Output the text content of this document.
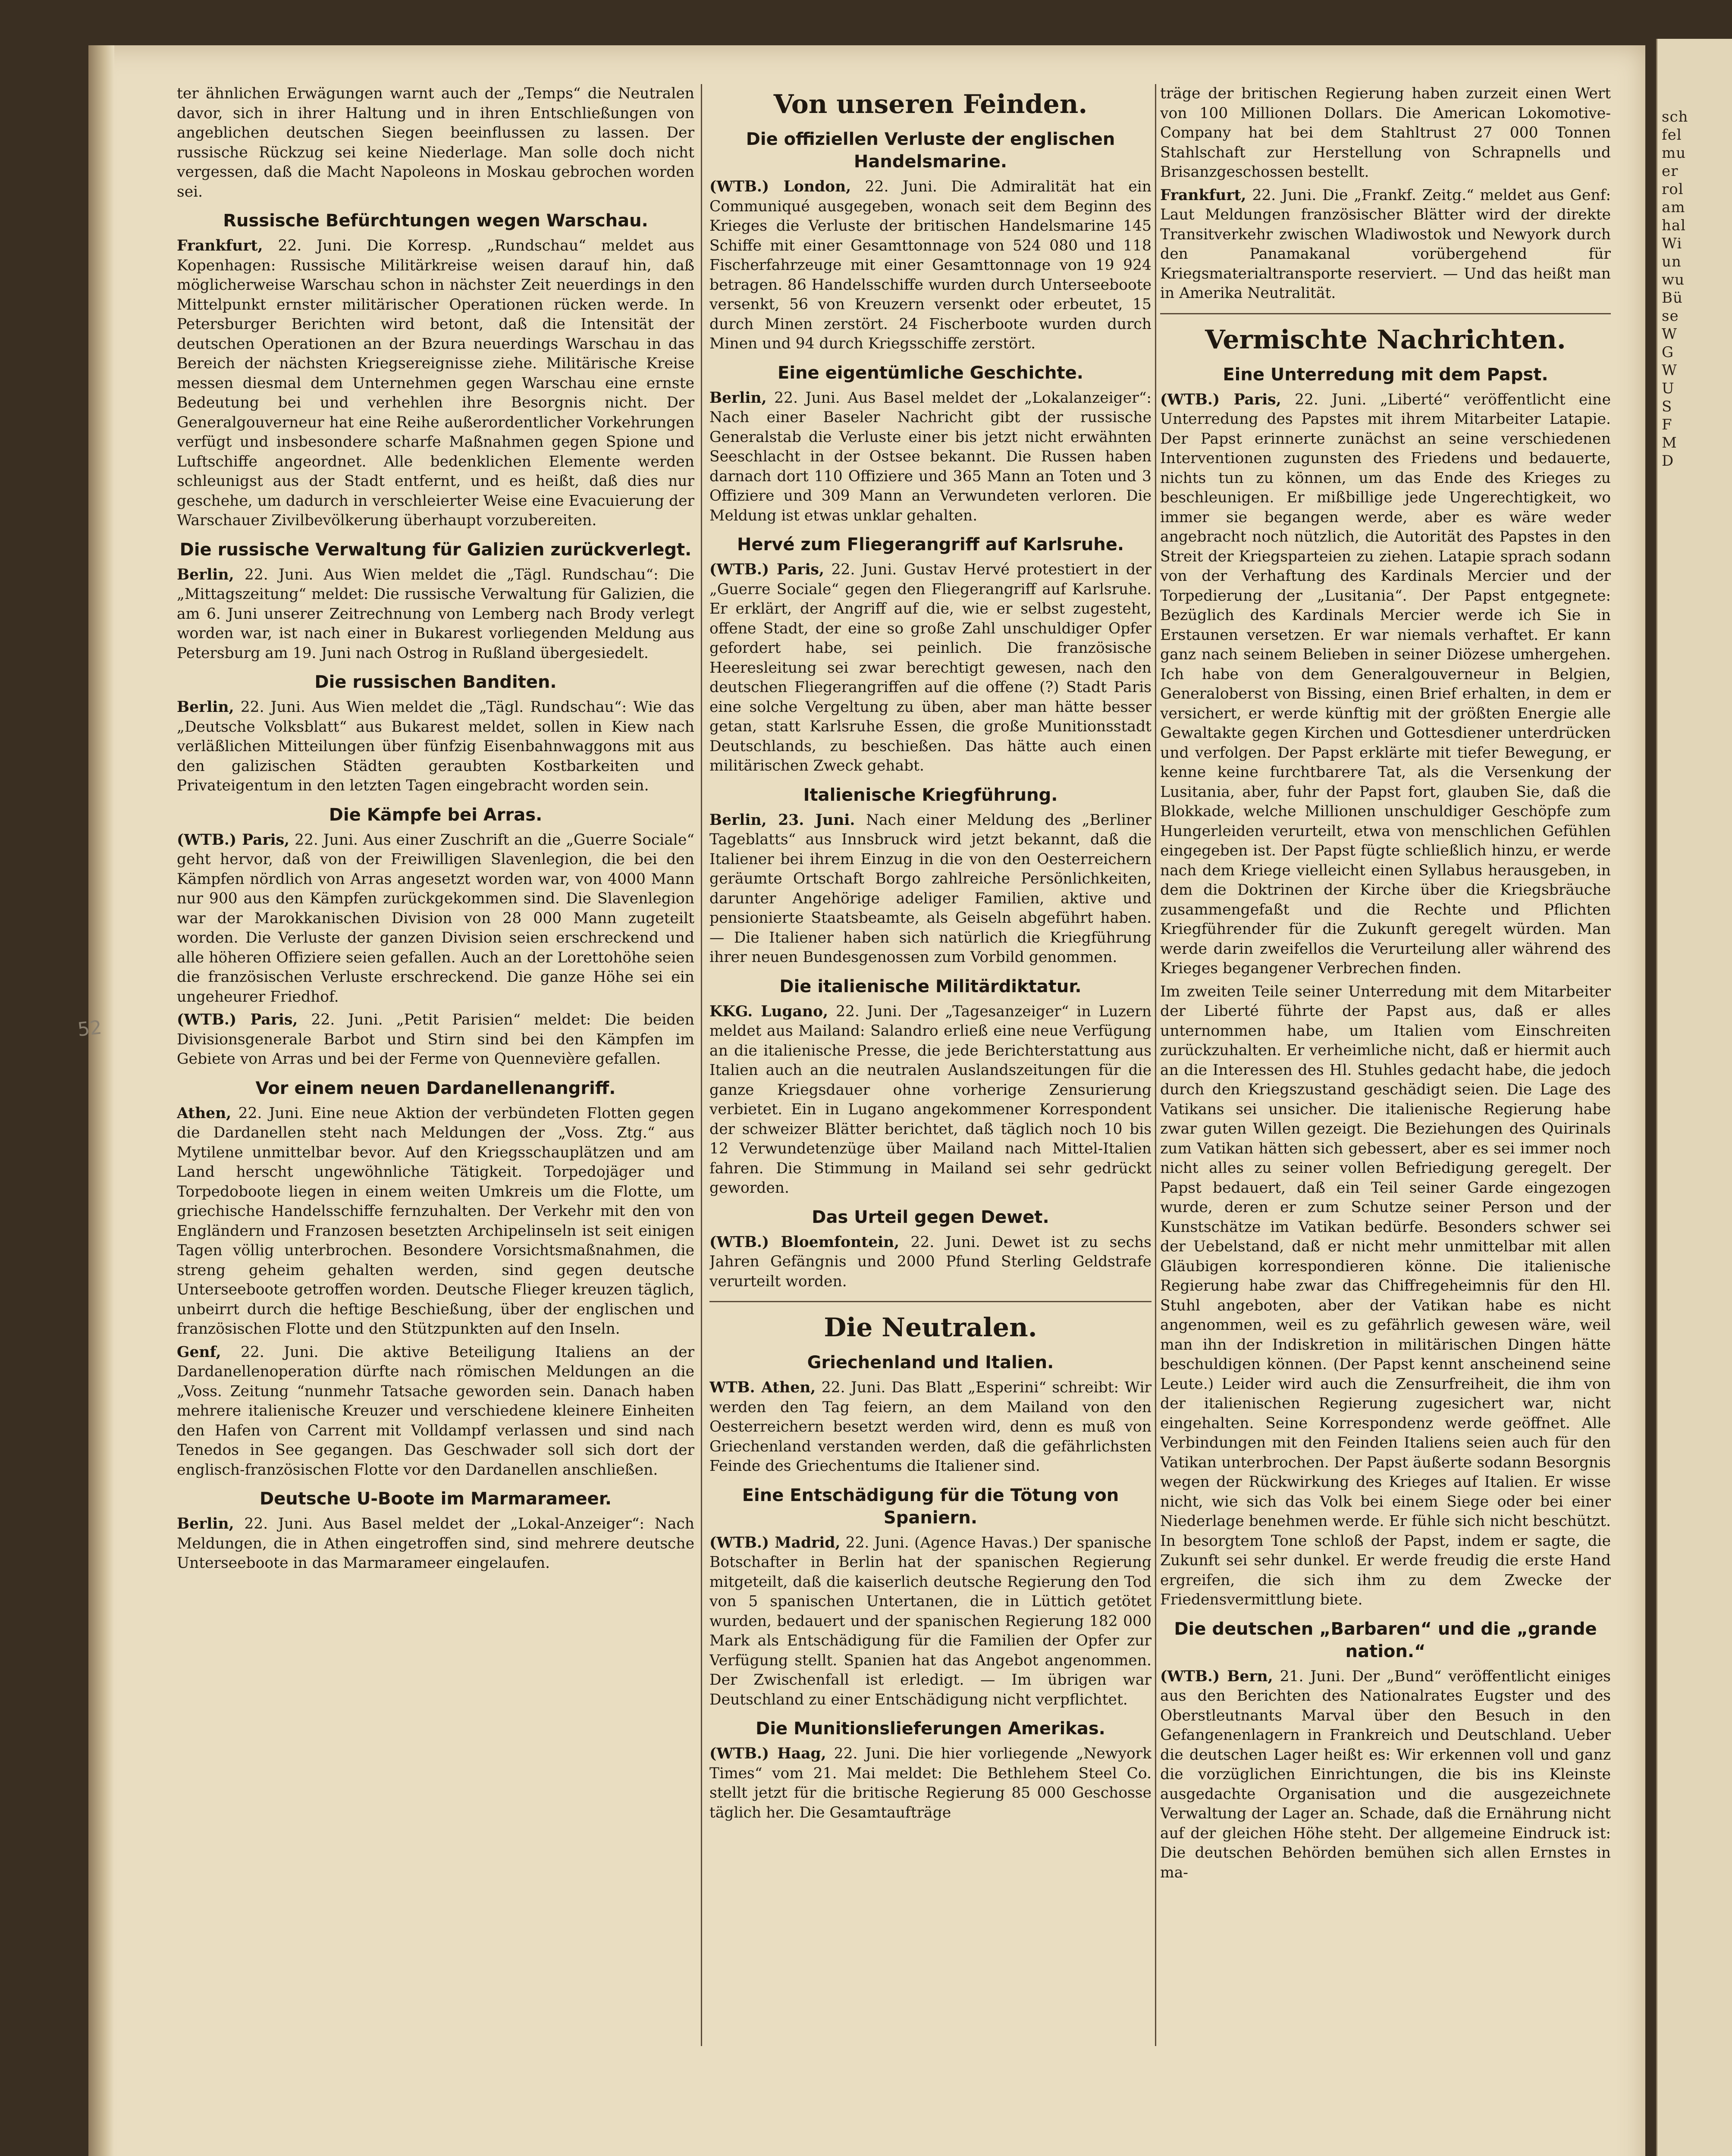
sch
fel
mu
er
rol
am
hal
Wi
un
wu
Bü
se
W
G
W
U
S
F
M
D
52

ter ähnlichen Erwägungen warnt auch der „Temps“ die Neutralen davor, sich in ihrer Haltung und in ihren Entschließungen von angeblichen deutschen Siegen beeinflussen zu lassen. Der russische Rückzug sei keine Niederlage. Man solle doch nicht vergessen, daß die Macht Napoleons in Moskau gebrochen worden sei.

Russische Befürchtungen wegen Warschau.

Frankfurt, 22. Juni. Die Korresp. „Rundschau“ meldet aus Kopenhagen: Russische Militärkreise weisen darauf hin, daß möglicherweise Warschau schon in nächster Zeit neuerdings in den Mittelpunkt ernster militärischer Operationen rücken werde. In Petersburger Berichten wird betont, daß die Intensität der deutschen Operationen an der Bzura neuerdings Warschau in das Bereich der nächsten Kriegsereignisse ziehe. Militärische Kreise messen diesmal dem Unternehmen gegen Warschau eine ernste Bedeutung bei und verhehlen ihre Besorgnis nicht. Der Generalgouverneur hat eine Reihe außerordentlicher Vorkehrungen verfügt und insbesondere scharfe Maßnahmen gegen Spione und Luftschiffe angeordnet. Alle bedenklichen Elemente werden schleunigst aus der Stadt entfernt, und es heißt, daß dies nur geschehe, um dadurch in verschleierter Weise eine Evacuierung der Warschauer Zivilbevölkerung überhaupt vorzubereiten.

Die russische Verwaltung für Galizien zurückverlegt.

Berlin, 22. Juni. Aus Wien meldet die „Tägl. Rundschau“: Die „Mittagszeitung“ meldet: Die russische Verwaltung für Galizien, die am 6. Juni unserer Zeitrechnung von Lemberg nach Brody verlegt worden war, ist nach einer in Bukarest vorliegenden Meldung aus Petersburg am 19. Juni nach Ostrog in Rußland übergesiedelt.

Die russischen Banditen.

Berlin, 22. Juni. Aus Wien meldet die „Tägl. Rundschau“: Wie das „Deutsche Volksblatt“ aus Bukarest meldet, sollen in Kiew nach verläßlichen Mitteilungen über fünfzig Eisenbahnwaggons mit aus den galizischen Städten geraubten Kostbarkeiten und Privateigentum in den letzten Tagen eingebracht worden sein.

Die Kämpfe bei Arras.

(WTB.) Paris, 22. Juni. Aus einer Zuschrift an die „Guerre Sociale“ geht hervor, daß von der Freiwilligen Slavenlegion, die bei den Kämpfen nördlich von Arras angesetzt worden war, von 4000 Mann nur 900 aus den Kämpfen zurückgekommen sind. Die Slavenlegion war der Marokkanischen Division von 28 000 Mann zugeteilt worden. Die Verluste der ganzen Division seien erschreckend und alle höheren Offiziere seien gefallen. Auch an der Lorettohöhe seien die französischen Verluste erschreckend. Die ganze Höhe sei ein ungeheurer Friedhof.

(WTB.) Paris, 22. Juni. „Petit Parisien“ meldet: Die beiden Divisionsgenerale Barbot und Stirn sind bei den Kämpfen im Gebiete von Arras und bei der Ferme von Quennevière gefallen.

Vor einem neuen Dardanellenangriff.

Athen, 22. Juni. Eine neue Aktion der verbündeten Flotten gegen die Dardanellen steht nach Meldungen der „Voss. Ztg.“ aus Mytilene unmittelbar bevor. Auf den Kriegsschauplätzen und am Land herscht ungewöhnliche Tätigkeit. Torpedojäger und Torpedoboote liegen in einem weiten Umkreis um die Flotte, um griechische Handelsschiffe fernzuhalten. Der Verkehr mit den von Engländern und Franzosen besetzten Archipelinseln ist seit einigen Tagen völlig unterbrochen. Besondere Vorsichtsmaßnahmen, die streng geheim gehalten werden, sind gegen deutsche Unterseeboote getroffen worden. Deutsche Flieger kreuzen täglich, unbeirrt durch die heftige Beschießung, über der englischen und französischen Flotte und den Stützpunkten auf den Inseln.

Genf, 22. Juni. Die aktive Beteiligung Italiens an der Dardanellenoperation dürfte nach römischen Meldungen an die „Voss. Zeitung “nunmehr Tatsache geworden sein. Danach haben mehrere italienische Kreuzer und verschiedene kleinere Einheiten den Hafen von Carrent mit Volldampf verlassen und sind nach Tenedos in See gegangen. Das Geschwader soll sich dort der englisch-französischen Flotte vor den Dardanellen anschließen.

Deutsche U-Boote im Marmarameer.

Berlin, 22. Juni. Aus Basel meldet der „Lokal-Anzeiger“: Nach Meldungen, die in Athen eingetroffen sind, sind mehrere deutsche Unterseeboote in das Marmarameer eingelaufen.

Von unseren Feinden.
Die offiziellen Verluste der englischen Handelsmarine.

(WTB.) London, 22. Juni. Die Admiralität hat ein Communiqué ausgegeben, wonach seit dem Beginn des Krieges die Verluste der britischen Handelsmarine 145 Schiffe mit einer Gesamttonnage von 524 080 und 118 Fischerfahrzeuge mit einer Gesamttonnage von 19 924 betragen. 86 Handelsschiffe wurden durch Unterseeboote versenkt, 56 von Kreuzern versenkt oder erbeutet, 15 durch Minen zerstört. 24 Fischerboote wurden durch Minen und 94 durch Kriegsschiffe zerstört.

Eine eigentümliche Geschichte.

Berlin, 22. Juni. Aus Basel meldet der „Lokalanzeiger“: Nach einer Baseler Nachricht gibt der russische Generalstab die Verluste einer bis jetzt nicht erwähnten Seeschlacht in der Ostsee bekannt. Die Russen haben darnach dort 110 Offiziere und 365 Mann an Toten und 3 Offiziere und 309 Mann an Verwundeten verloren. Die Meldung ist etwas unklar gehalten.

Hervé zum Fliegerangriff auf Karlsruhe.

(WTB.) Paris, 22. Juni. Gustav Hervé protestiert in der „Guerre Sociale“ gegen den Fliegerangriff auf Karlsruhe. Er erklärt, der Angriff auf die, wie er selbst zugesteht, offene Stadt, der eine so große Zahl unschuldiger Opfer gefordert habe, sei peinlich. Die französische Heeresleitung sei zwar berechtigt gewesen, nach den deutschen Fliegerangriffen auf die offene (?) Stadt Paris eine solche Vergeltung zu üben, aber man hätte besser getan, statt Karlsruhe Essen, die große Munitionsstadt Deutschlands, zu beschießen. Das hätte auch einen militärischen Zweck gehabt.

Italienische Kriegführung.

Berlin, 23. Juni. Nach einer Meldung des „Berliner Tageblatts“ aus Innsbruck wird jetzt bekannt, daß die Italiener bei ihrem Einzug in die von den Oesterreichern geräumte Ortschaft Borgo zahlreiche Persönlichkeiten, darunter Angehörige adeliger Familien, aktive und pensionierte Staatsbeamte, als Geiseln abgeführt haben. — Die Italiener haben sich natürlich die Kriegführung ihrer neuen Bundesgenossen zum Vorbild genommen.

Die italienische Militärdiktatur.

KKG. Lugano, 22. Juni. Der „Tagesanzeiger“ in Luzern meldet aus Mailand: Salandro erließ eine neue Verfügung an die italienische Presse, die jede Berichterstattung aus Italien auch an die neutralen Auslandszeitungen für die ganze Kriegsdauer ohne vorherige Zensurierung verbietet. Ein in Lugano angekommener Korrespondent der schweizer Blätter berichtet, daß täglich noch 10 bis 12 Verwundetenzüge über Mailand nach Mittel-Italien fahren. Die Stimmung in Mailand sei sehr gedrückt geworden.

Das Urteil gegen Dewet.

(WTB.) Bloemfontein, 22. Juni. Dewet ist zu sechs Jahren Gefängnis und 2000 Pfund Sterling Geldstrafe verurteilt worden.

Die Neutralen.
Griechenland und Italien.

WTB. Athen, 22. Juni. Das Blatt „Esperini“ schreibt: Wir werden den Tag feiern, an dem Mailand von den Oesterreichern besetzt werden wird, denn es muß von Griechenland verstanden werden, daß die gefährlichsten Feinde des Griechentums die Italiener sind.

Eine Entschädigung für die Tötung von Spaniern.

(WTB.) Madrid, 22. Juni. (Agence Havas.) Der spanische Botschafter in Berlin hat der spanischen Regierung mitgeteilt, daß die kaiserlich deutsche Regierung den Tod von 5 spanischen Untertanen, die in Lüttich getötet wurden, bedauert und der spanischen Regierung 182 000 Mark als Entschädigung für die Familien der Opfer zur Verfügung stellt. Spanien hat das Angebot angenommen. Der Zwischenfall ist erledigt. — Im übrigen war Deutschland zu einer Entschädigung nicht verpflichtet.

Die Munitionslieferungen Amerikas.

(WTB.) Haag, 22. Juni. Die hier vorliegende „Newyork Times“ vom 21. Mai meldet: Die Bethlehem Steel Co. stellt jetzt für die britische Regierung 85 000 Geschosse täglich her. Die Gesamtaufträge

träge der britischen Regierung haben zurzeit einen Wert von 100 Millionen Dollars. Die American Lokomotive-Company hat bei dem Stahltrust 27 000 Tonnen Stahlschaft zur Herstellung von Schrapnells und Brisanzgeschossen bestellt.

Frankfurt, 22. Juni. Die „Frankf. Zeitg.“ meldet aus Genf: Laut Meldungen französischer Blätter wird der direkte Transitverkehr zwischen Wladiwostok und Newyork durch den Panamakanal vorübergehend für Kriegsmaterialtransporte reserviert. — Und das heißt man in Amerika Neutralität.

Vermischte Nachrichten.
Eine Unterredung mit dem Papst.

(WTB.) Paris, 22. Juni. „Liberté“ veröffentlicht eine Unterredung des Papstes mit ihrem Mitarbeiter Latapie. Der Papst erinnerte zunächst an seine verschiedenen Interventionen zugunsten des Friedens und bedauerte, nichts tun zu können, um das Ende des Krieges zu beschleunigen. Er mißbillige jede Ungerechtigkeit, wo immer sie begangen werde, aber es wäre weder angebracht noch nützlich, die Autorität des Papstes in den Streit der Kriegsparteien zu ziehen. Latapie sprach sodann von der Verhaftung des Kardinals Mercier und der Torpedierung der „Lusitania“. Der Papst entgegnete: Bezüglich des Kardinals Mercier werde ich Sie in Erstaunen versetzen. Er war niemals verhaftet. Er kann ganz nach seinem Belieben in seiner Diözese umhergehen. Ich habe von dem Generalgouverneur in Belgien, Generaloberst von Bissing, einen Brief erhalten, in dem er versichert, er werde künftig mit der größten Energie alle Gewaltakte gegen Kirchen und Gottesdiener unterdrücken und verfolgen. Der Papst erklärte mit tiefer Bewegung, er kenne keine furchtbarere Tat, als die Versenkung der Lusitania, aber, fuhr der Papst fort, glauben Sie, daß die Blokkade, welche Millionen unschuldiger Geschöpfe zum Hungerleiden verurteilt, etwa von menschlichen Gefühlen eingegeben ist. Der Papst fügte schließlich hinzu, er werde nach dem Kriege vielleicht einen Syllabus herausgeben, in dem die Doktrinen der Kirche über die Kriegsbräuche zusammengefaßt und die Rechte und Pflichten Kriegführender für die Zukunft geregelt würden. Man werde darin zweifellos die Verurteilung aller während des Krieges begangener Verbrechen finden.

Im zweiten Teile seiner Unterredung mit dem Mitarbeiter der Liberté führte der Papst aus, daß er alles unternommen habe, um Italien vom Einschreiten zurückzuhalten. Er verheimliche nicht, daß er hiermit auch an die Interessen des Hl. Stuhles gedacht habe, die jedoch durch den Kriegszustand geschädigt seien. Die Lage des Vatikans sei unsicher. Die italienische Regierung habe zwar guten Willen gezeigt. Die Beziehungen des Quirinals zum Vatikan hätten sich gebessert, aber es sei immer noch nicht alles zu seiner vollen Befriedigung geregelt. Der Papst bedauert, daß ein Teil seiner Garde eingezogen wurde, deren er zum Schutze seiner Person und der Kunstschätze im Vatikan bedürfe. Besonders schwer sei der Uebelstand, daß er nicht mehr unmittelbar mit allen Gläubigen korrespondieren könne. Die italienische Regierung habe zwar das Chiffregeheimnis für den Hl. Stuhl angeboten, aber der Vatikan habe es nicht angenommen, weil es zu gefährlich gewesen wäre, weil man ihn der Indiskretion in militärischen Dingen hätte beschuldigen können. (Der Papst kennt anscheinend seine Leute.) Leider wird auch die Zensurfreiheit, die ihm von der italienischen Regierung zugesichert war, nicht eingehalten. Seine Korrespondenz werde geöffnet. Alle Verbindungen mit den Feinden Italiens seien auch für den Vatikan unterbrochen. Der Papst äußerte sodann Besorgnis wegen der Rückwirkung des Krieges auf Italien. Er wisse nicht, wie sich das Volk bei einem Siege oder bei einer Niederlage benehmen werde. Er fühle sich nicht beschützt. In besorgtem Tone schloß der Papst, indem er sagte, die Zukunft sei sehr dunkel. Er werde freudig die erste Hand ergreifen, die sich ihm zu dem Zwecke der Friedensvermittlung biete.

Die deutschen „Barbaren“ und die „grande nation.“

(WTB.) Bern, 21. Juni. Der „Bund“ veröffentlicht einiges aus den Berichten des Nationalrates Eugster und des Oberstleutnants Marval über den Besuch in den Gefangenenlagern in Frankreich und Deutschland. Ueber die deutschen Lager heißt es: Wir erkennen voll und ganz die vorzüglichen Einrichtungen, die bis ins Kleinste ausgedachte Organisation und die ausgezeichnete Verwaltung der Lager an. Schade, daß die Ernährung nicht auf der gleichen Höhe steht. Der allgemeine Eindruck ist: Die deutschen Behörden bemühen sich allen Ernstes in ma-
